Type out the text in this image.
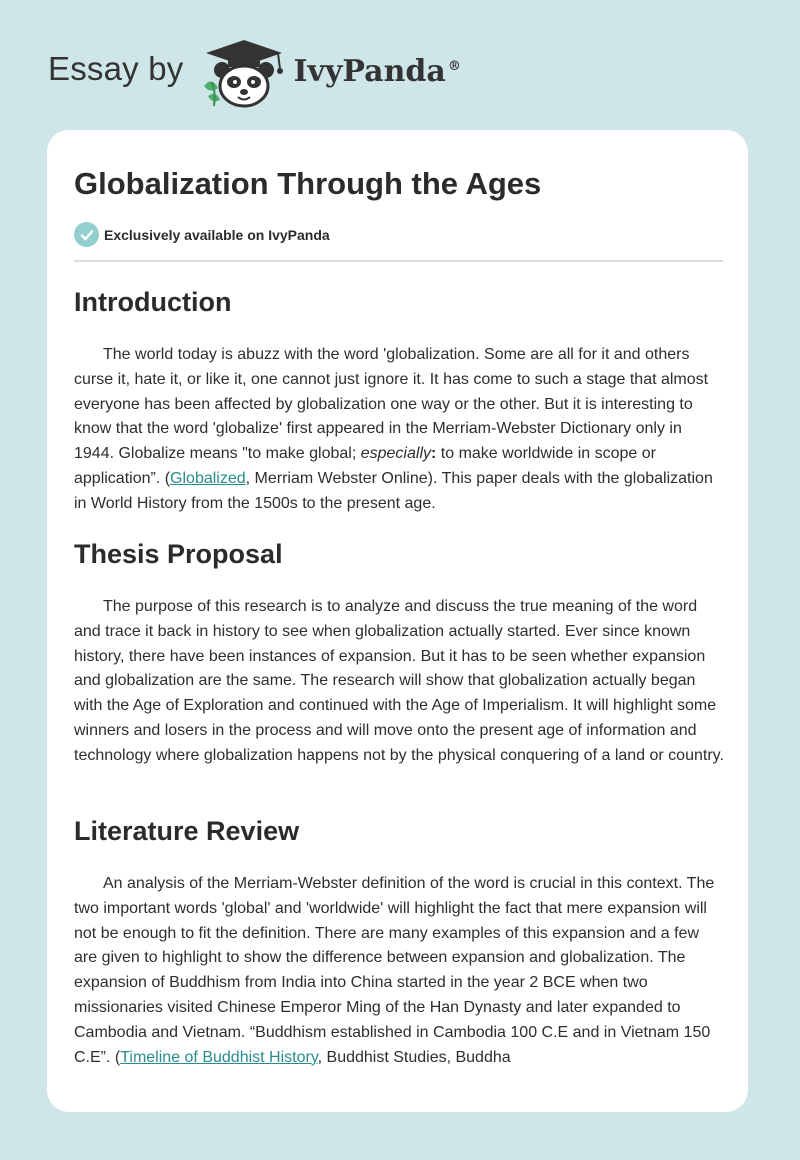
Essay by	IvyPanda ®
Globalization Through the Ages
Exclusively available on IvyPanda
Introduction

The world today is abuzz with the word 'globalization. Some are all for it and others curse it, hate it, or like it, one cannot just ignore it. It has come to such a stage that almost everyone has been affected by globalization one way or the other. But it is interesting to know that the word 'globalize' first appeared in the Merriam-Webster Dictionary only in 1944. Globalize means "to make global; especially: to make worldwide in scope or application”. (Globalized, Merriam Webster Online). This paper deals with the globalization in World History from the 1500s to the present age.

Thesis Proposal

The purpose of this research is to analyze and discuss the true meaning of the word and trace it back in history to see when globalization actually started. Ever since known history, there have been instances of expansion. But it has to be seen whether expansion and globalization are the same. The research will show that globalization actually began with the Age of Exploration and continued with the Age of Imperialism. It will highlight some winners and losers in the process and will move onto the present age of information and technology where globalization happens not by the physical conquering of a land or country.

Literature Review

An analysis of the Merriam-Webster definition of the word is crucial in this context. The two important words 'global' and 'worldwide' will highlight the fact that mere expansion will not be enough to fit the definition. There are many examples of this expansion and a few are given to highlight to show the difference between expansion and globalization. The expansion of Buddhism from India into China started in the year 2 BCE when two missionaries visited Chinese Emperor Ming of the Han Dynasty and later expanded to Cambodia and Vietnam. “Buddhism established in Cambodia 100 C.E and in Vietnam 150 C.E”. (Timeline of Buddhist History, Buddhist Studies, Buddha
